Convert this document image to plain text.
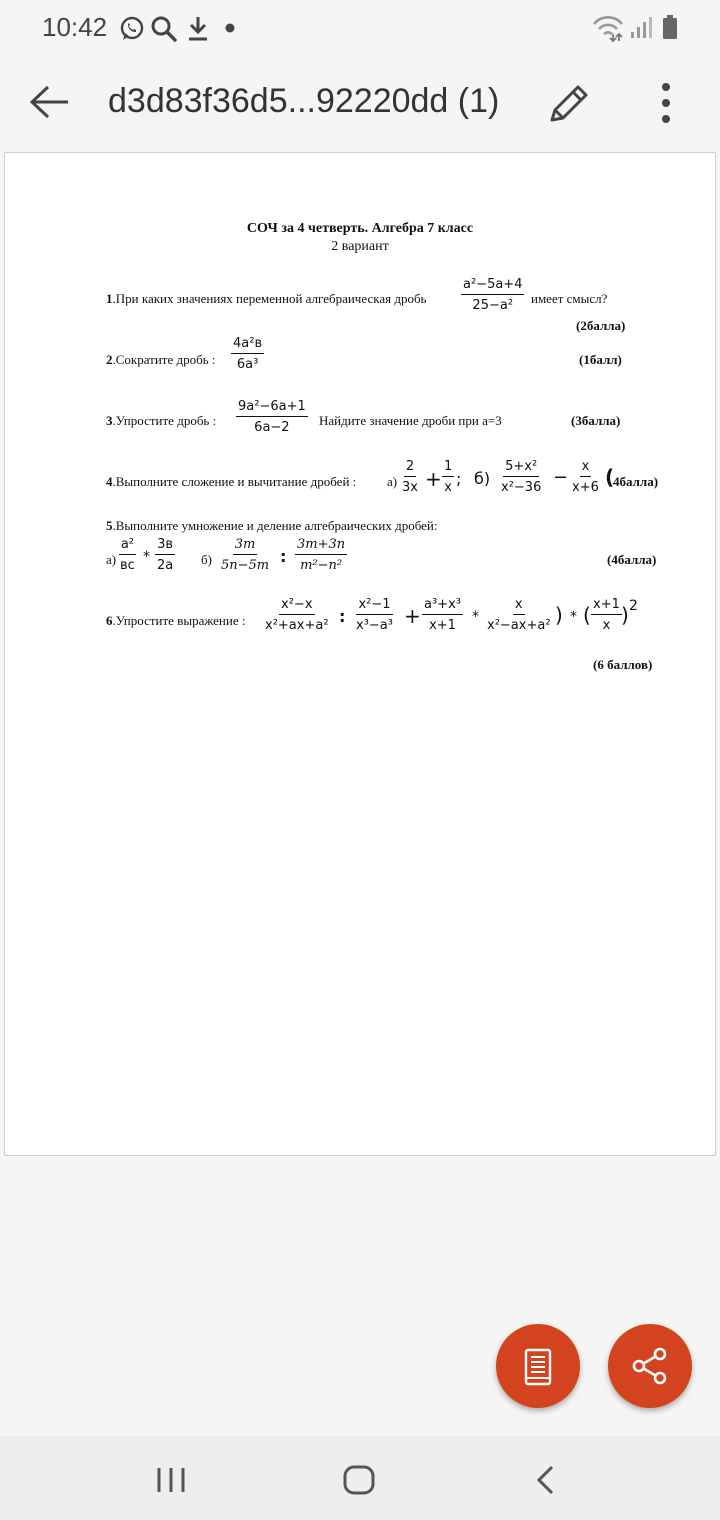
10:42
d3d83f36d5...92220dd (1)
СОЧ за 4 четверть. Алгебра 7 класс
2 вариант
1.При каких значениях переменной алгебраическая дробь	$\frac{\text{a²−5a+4}}{\text{25−a²}}$ имеет смысл?
(2балла)
2.Сократите дробь :
4a²в
6a³	(1балл)
3.Упростите дробь : $\frac{\text{9a²−6a+1}}{6a-2}$ Найдите значение дроби при а=3	(3балла)
4.Выполните сложение и вычитание дробей : $а) \frac{2}{3x} + \frac{1}{x}$ ; $б) \frac{\text{5+x²}}{\text{x²−36}} - \frac{x}{x+6}$ (
4балла)
5.Выполните умножение и деление алгебраических дробей:
а)
a²
вс
*
3в
2a $б) \frac{3m}{5n-5m}$ : $\frac{3m+3n}{\text{m²−n²}}$	(4балла)
6.Упростите выражение : $\frac{\text{x²−x}}{\text{x²+ax+a²}}$ : $\frac{\text{x²−1}}{\text{x³−a³}} + \frac{\text{a³+x³}}{x+1} * \frac{x}{\text{x²−ax+a²}}$ ) * ( $\frac{x+1}{x}$ ) 2
(6 баллов)
